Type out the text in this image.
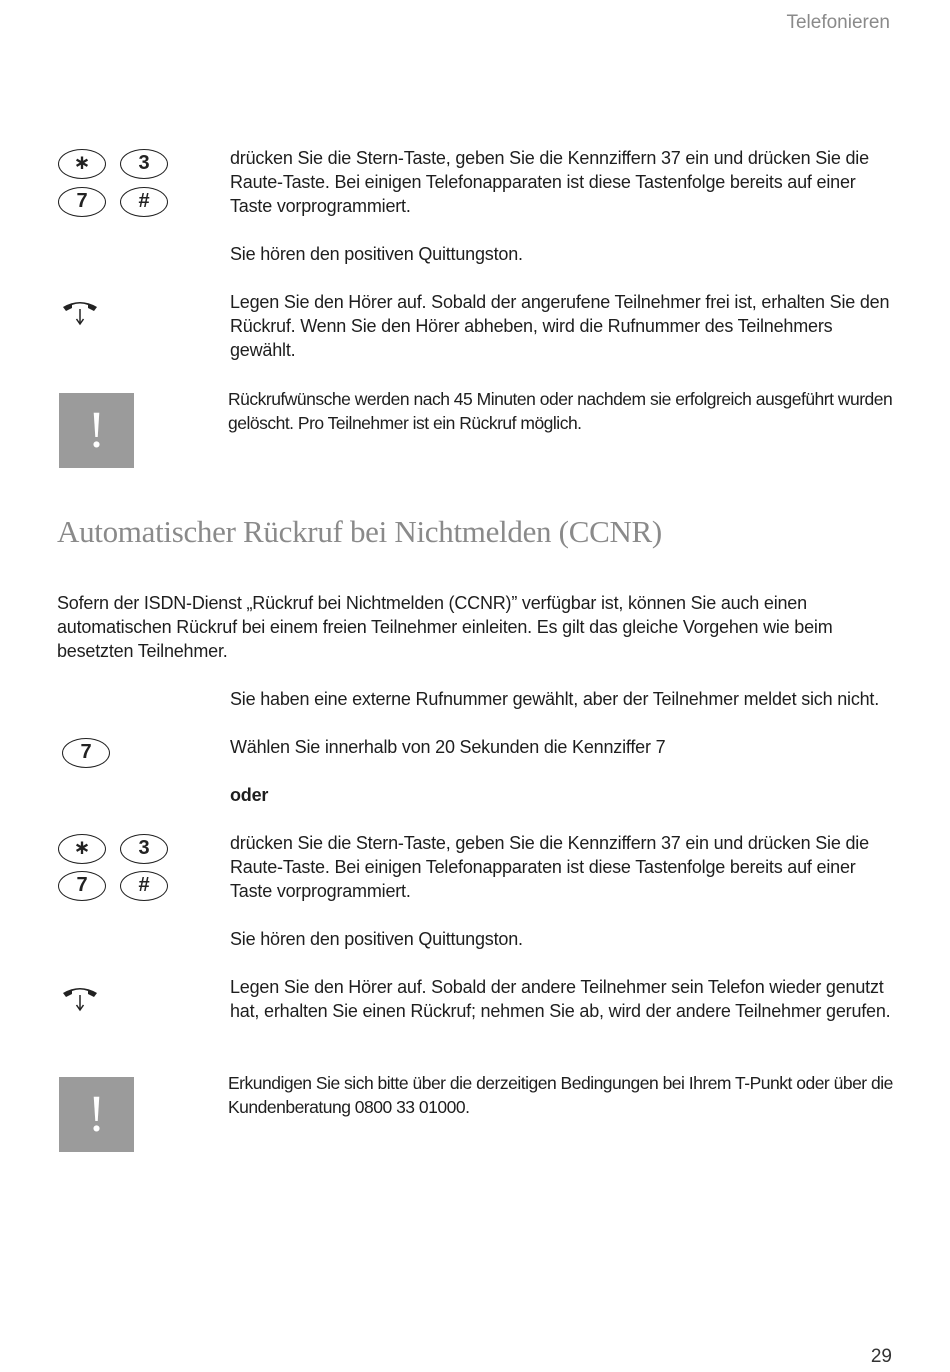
Telefonieren
∗	3
7	#
drücken Sie die Stern-Taste, geben Sie die Kennziffern 37 ein und drücken Sie die Raute-Taste. Bei einigen Telefonapparaten ist diese Tastenfolge bereits auf einer Taste vorprogrammiert.
Sie hören den positiven Quittungston.
Legen Sie den Hörer auf. Sobald der angerufene Teilnehmer frei ist, erhalten Sie den Rückruf. Wenn Sie den Hörer abheben, wird die Rufnummer des Teilnehmers gewählt.
!
Rückrufwünsche werden nach 45 Minuten oder nachdem sie erfolgreich ausgeführt wurden gelöscht. Pro Teilnehmer ist ein Rückruf möglich.
Automatischer Rückruf bei Nichtmelden (CCNR)
Sofern der ISDN-Dienst „Rückruf bei Nichtmelden (CCNR)” verfügbar ist, können Sie auch einen automatischen Rückruf bei einem freien Teilnehmer einleiten. Es gilt das gleiche Vorgehen wie beim besetzten Teilnehmer.
Sie haben eine externe Rufnummer gewählt, aber der Teilnehmer meldet sich nicht.
7	Wählen Sie innerhalb von 20 Sekunden die Kennziffer 7
oder
∗	3
7	#
drücken Sie die Stern-Taste, geben Sie die Kennziffern 37 ein und drücken Sie die Raute-Taste. Bei einigen Telefonapparaten ist diese Tastenfolge bereits auf einer Taste vorprogrammiert.
Sie hören den positiven Quittungston.
Legen Sie den Hörer auf. Sobald der andere Teilnehmer sein Telefon wieder genutzt hat, erhalten Sie einen Rückruf; nehmen Sie ab, wird der andere Teilnehmer gerufen.
!
Erkundigen Sie sich bitte über die derzeitigen Bedingungen bei Ihrem T-Punkt oder über die Kundenberatung 0800 33 01000.
29
